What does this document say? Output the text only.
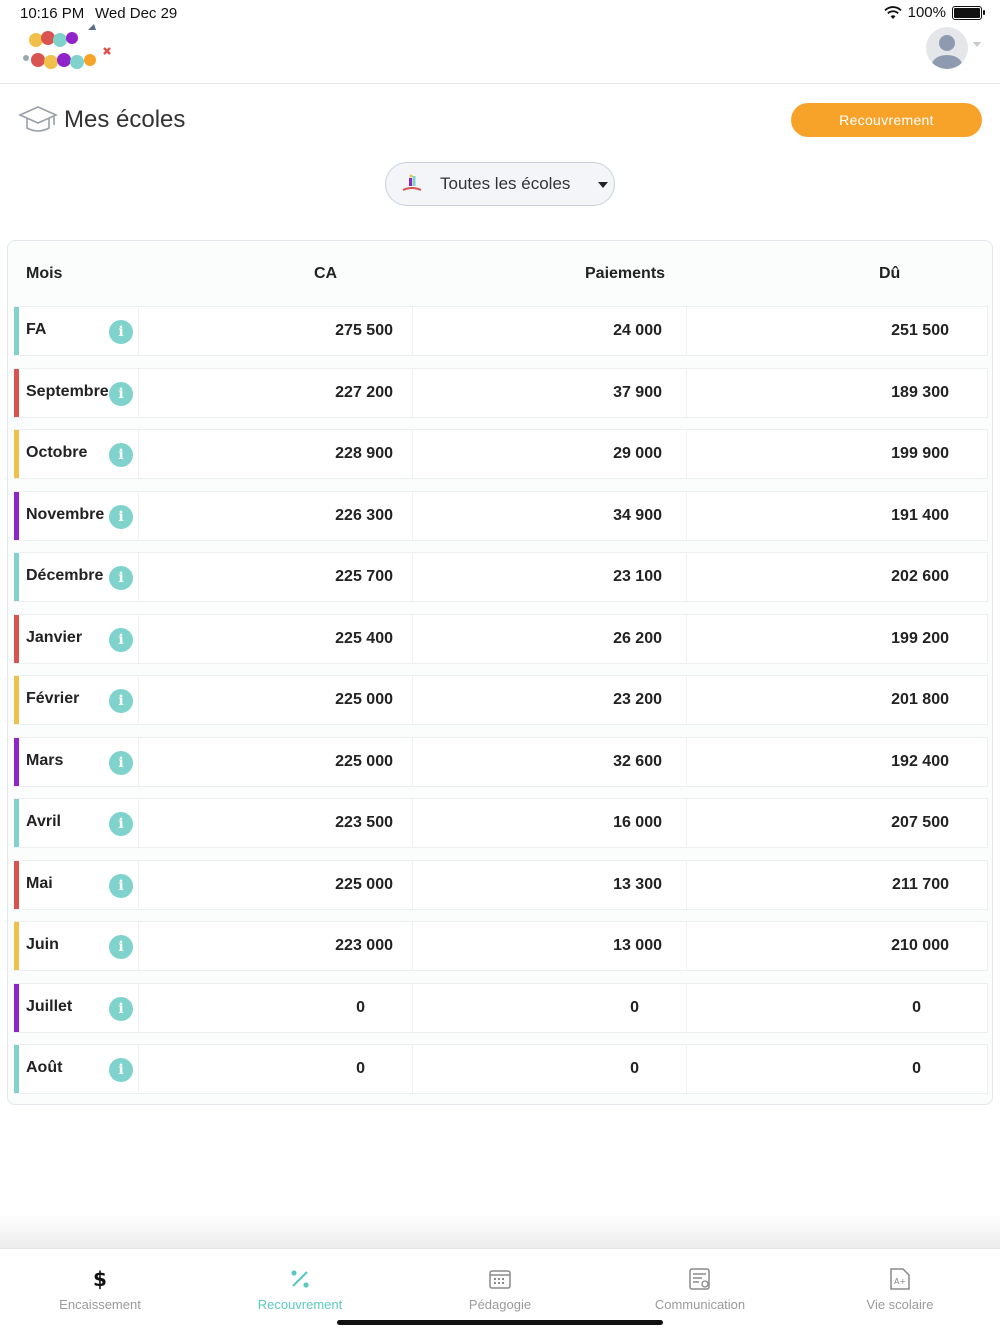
10:16 PM Wed Dec 29	100%
Mes écoles	Recouvrement
Toutes les écoles
Mois	CA	Paiements	Dû
FA	i	275 500	24 000	251 500
Septembre i	227 200	37 900	189 300
Octobre	i	228 900	29 000	199 900
Novembre	i	226 300	34 900	191 400
Décembre	i	225 700	23 100	202 600
Janvier	i	225 400	26 200	199 200
Février	i	225 000	23 200	201 800
Mars	i	225 000	32 600	192 400
Avril	i	223 500	16 000	207 500
Mai	i	225 000	13 300	211 700
Juin	i	223 000	13 000	210 000
Juillet	i	0	0	0
Août	i	0	0	0
$
Encaissement	Recouvrement	Pédagogie	Communication
A+
Vie scolaire
